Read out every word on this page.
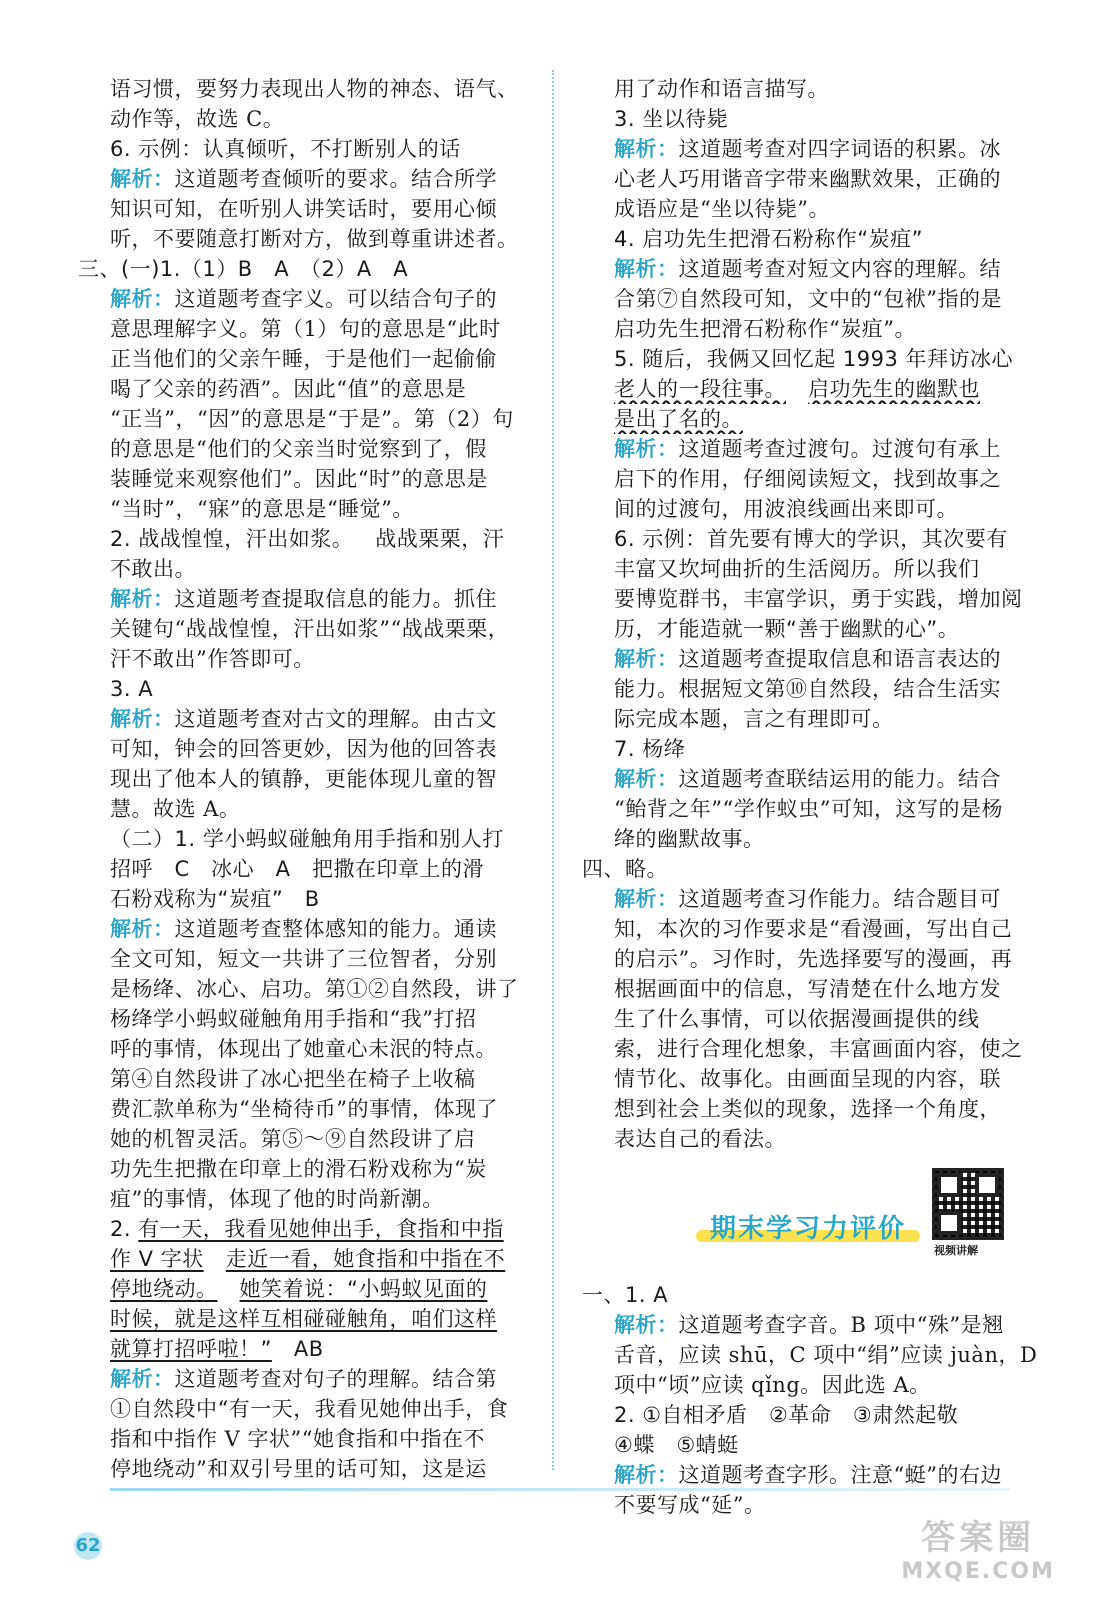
语习惯，要努力表现出人物的神态、语气、
动作等，故选 C。
6. 示例：认真倾听，不打断别人的话
解析：这道题考查倾听的要求。结合所学
知识可知，在听别人讲笑话时，要用心倾
听，不要随意打断对方，做到尊重讲述者。
三、(一)1.（1）B　A　（2）A　A
解析：这道题考查字义。可以结合句子的
意思理解字义。第（1）句的意思是“此时
正当他们的父亲午睡，于是他们一起偷偷
喝了父亲的药酒”。因此“值”的意思是
“正当”，“因”的意思是“于是”。第（2）句
的意思是“他们的父亲当时觉察到了，假
装睡觉来观察他们”。因此“时”的意思是
“当时”，“寐”的意思是“睡觉”。
2. 战战惶惶，汗出如浆。 战战栗栗，汗
不敢出。
解析：这道题考查提取信息的能力。抓住
关键句“战战惶惶，汗出如浆”“战战栗栗，
汗不敢出”作答即可。
3. A
解析：这道题考查对古文的理解。由古文
可知，钟会的回答更妙，因为他的回答表
现出了他本人的镇静，更能体现儿童的智
慧。故选 A。
（二）1. 学小蚂蚁碰触角用手指和别人打
招呼　C　冰心　A　把撒在印章上的滑
石粉戏称为“炭疽”　B
解析：这道题考查整体感知的能力。通读
全文可知，短文一共讲了三位智者，分别
是杨绛、冰心、启功。第①②自然段，讲了
杨绛学小蚂蚁碰触角用手指和“我”打招
呼的事情，体现出了她童心未泯的特点。
第④自然段讲了冰心把坐在椅子上收稿
费汇款单称为“坐椅待币”的事情，体现了
她的机智灵活。第⑤～⑨自然段讲了启
功先生把撒在印章上的滑石粉戏称为“炭
疽”的事情，体现了他的时尚新潮。
2. 有一天，我看见她伸出手，食指和中指
作 V 字状 走近一看，她食指和中指在不
停地绕动。 她笑着说：“小蚂蚁见面的
时候，就是这样互相碰碰触角，咱们这样
就算打招呼啦！” AB
解析：这道题考查对句子的理解。结合第
①自然段中“有一天，我看见她伸出手，食
指和中指作 V 字状”“她食指和中指在不
停地绕动”和双引号里的话可知，这是运
用了动作和语言描写。
3. 坐以待毙
解析：这道题考查对四字词语的积累。冰
心老人巧用谐音字带来幽默效果，正确的
成语应是“坐以待毙”。
4. 启功先生把滑石粉称作“炭疽”
解析：这道题考查对短文内容的理解。结
合第⑦自然段可知，文中的“包袱”指的是
启功先生把滑石粉称作“炭疽”。
5. 随后，我俩又回忆起 1993 年拜访冰心
老人的一段往事。 启功先生的幽默也
是出了名的。
解析：这道题考查过渡句。过渡句有承上
启下的作用，仔细阅读短文，找到故事之
间的过渡句，用波浪线画出来即可。
6. 示例：首先要有博大的学识，其次要有
丰富又坎坷曲折的生活阅历。所以我们
要博览群书，丰富学识，勇于实践，增加阅
历，才能造就一颗“善于幽默的心”。
解析：这道题考查提取信息和语言表达的
能力。根据短文第⑩自然段，结合生活实
际完成本题，言之有理即可。
7. 杨绛
解析：这道题考查联结运用的能力。结合
“鲐背之年”“学作蚁虫”可知，这写的是杨
绛的幽默故事。
四、略。
解析：这道题考查习作能力。结合题目可
知，本次的习作要求是“看漫画，写出自己
的启示”。习作时，先选择要写的漫画，再
根据画面中的信息，写清楚在什么地方发
生了什么事情，可以依据漫画提供的线
索，进行合理化想象，丰富画面内容，使之
情节化、故事化。由画面呈现的内容，联
想到社会上类似的现象，选择一个角度，
表达自己的看法。
期末学习力评价
视频讲解
一、1. A
解析：这道题考查字音。B 项中“殊”是翘
舌音，应读 shū，C 项中“绢”应读 juàn，D
项中“顷”应读 qǐng。因此选 A。
2. ①自相矛盾　②革命　③肃然起敬
④蝶　⑤蜻蜓
解析：这道题考查字形。注意“蜓”的右边
不要写成“延”。
62	答案圈
MXQE.COM
